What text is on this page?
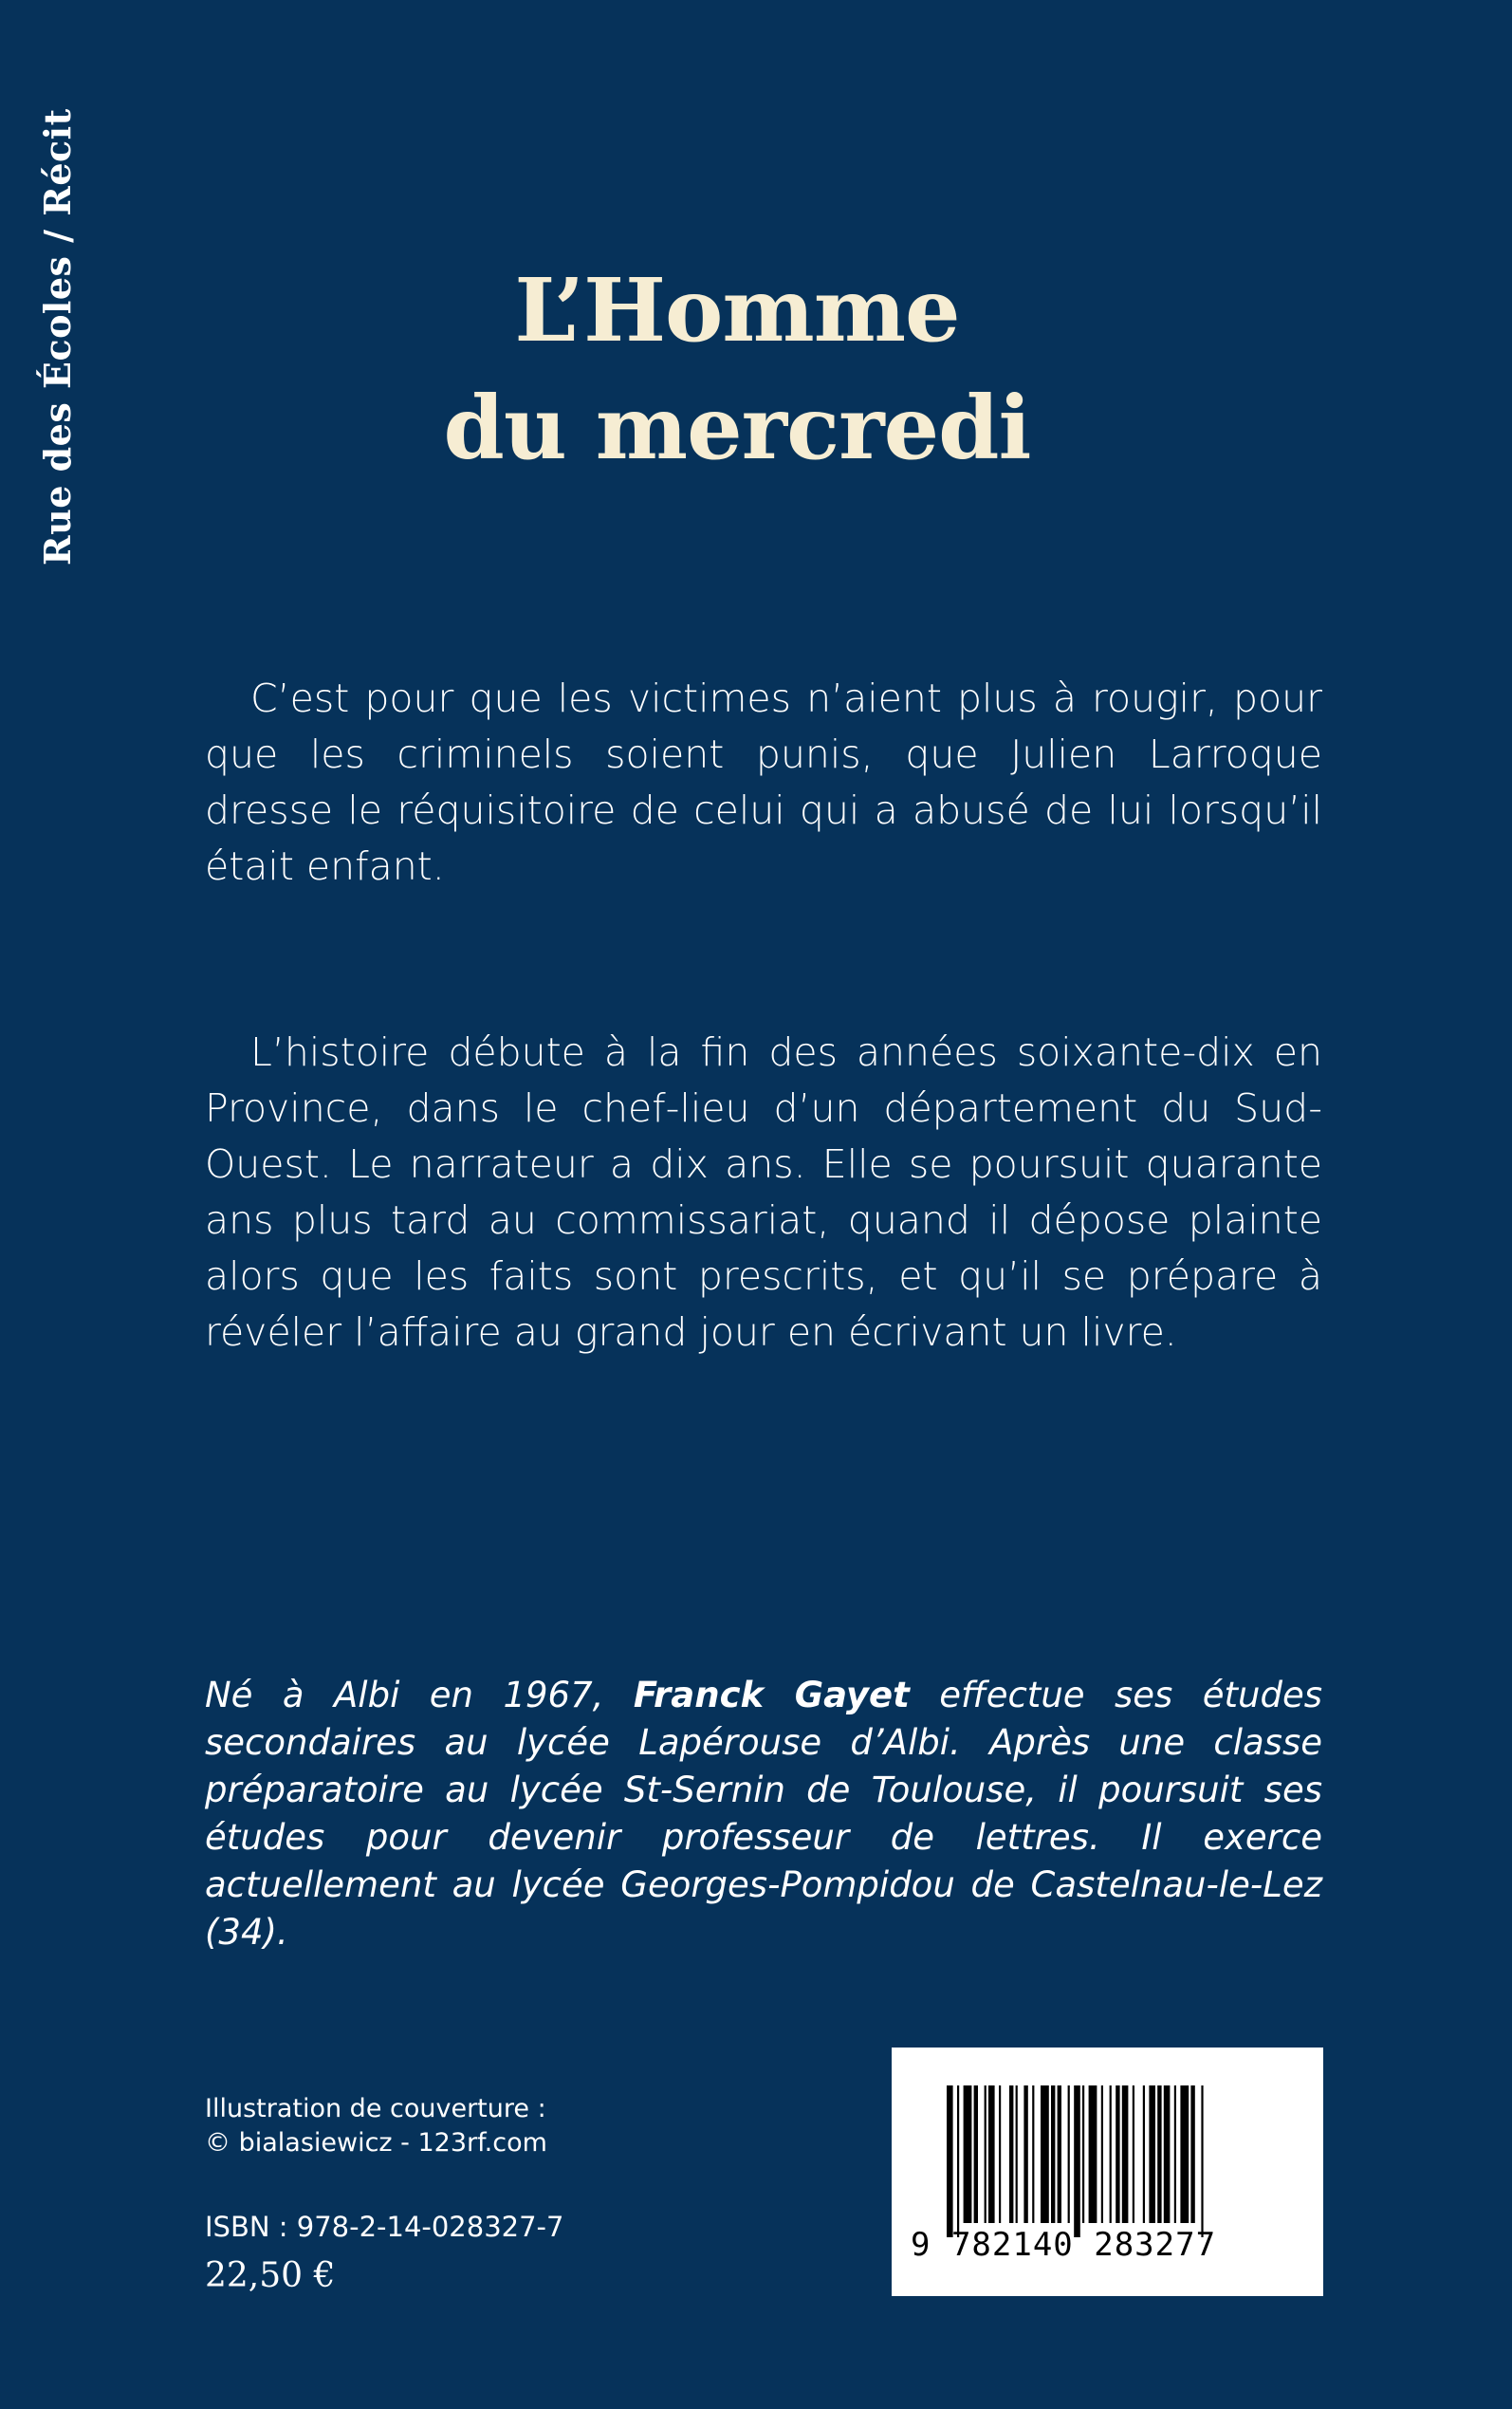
Rue des Écoles / Récit	L’Homme
du mercredi

C’est pour que les victimes n’aient plus à rougir, pour que les criminels soient punis, que Julien Larroque dresse le réquisitoire de celui qui a abusé de lui lorsqu’il était enfant.

L’histoire débute à la fin des années soixante-dix en Province, dans le chef-lieu d’un département du Sud-Ouest. Le narrateur a dix ans. Elle se poursuit quarante ans plus tard au commissariat, quand il dépose plainte alors que les faits sont prescrits, et qu’il se prépare à révéler l’affaire au grand jour en écrivant un livre.

Né à Albi en 1967, Franck Gayet effectue ses études secondaires au lycée Lapérouse d’Albi. Après une classe préparatoire au lycée St-Sernin de Toulouse, il poursuit ses études pour devenir professeur de lettres. Il exerce actuellement au lycée Georges-Pompidou de Castelnau-le-Lez (34).

Illustration de couverture :
© bialasiewicz - 123rf.com
ISBN : 978-2-14-028327-7
22,50 €
9 782140 283277
